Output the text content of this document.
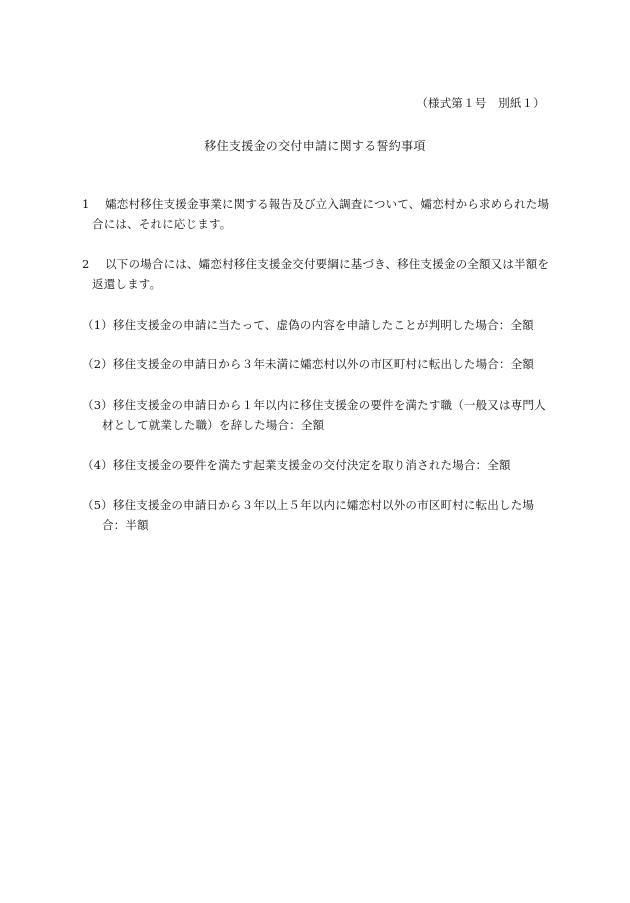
（様式第１号　別紙１）
移住支援金の交付申請に関する誓約事項
1　 孀恋村移住支援金事業に関する報告及び立入調査について、孀恋村から求められた場
合には、それに応じます。
2　 以下の場合には、孀恋村移住支援金交付要綱に基づき、移住支援金の全額又は半額を
返還します。
（1）移住支援金の申請に当たって、虚偽の内容を申請したことが判明した場合：全額
（2）移住支援金の申請日から３年未満に孀恋村以外の市区町村に転出した場合：全額
（3）移住支援金の申請日から１年以内に移住支援金の要件を満たす職（一般又は専門人
材として就業した職）を辞した場合：全額
（4）移住支援金の要件を満たす起業支援金の交付決定を取り消された場合：全額
（5）移住支援金の申請日から３年以上５年以内に孀恋村以外の市区町村に転出した場
合：半額
